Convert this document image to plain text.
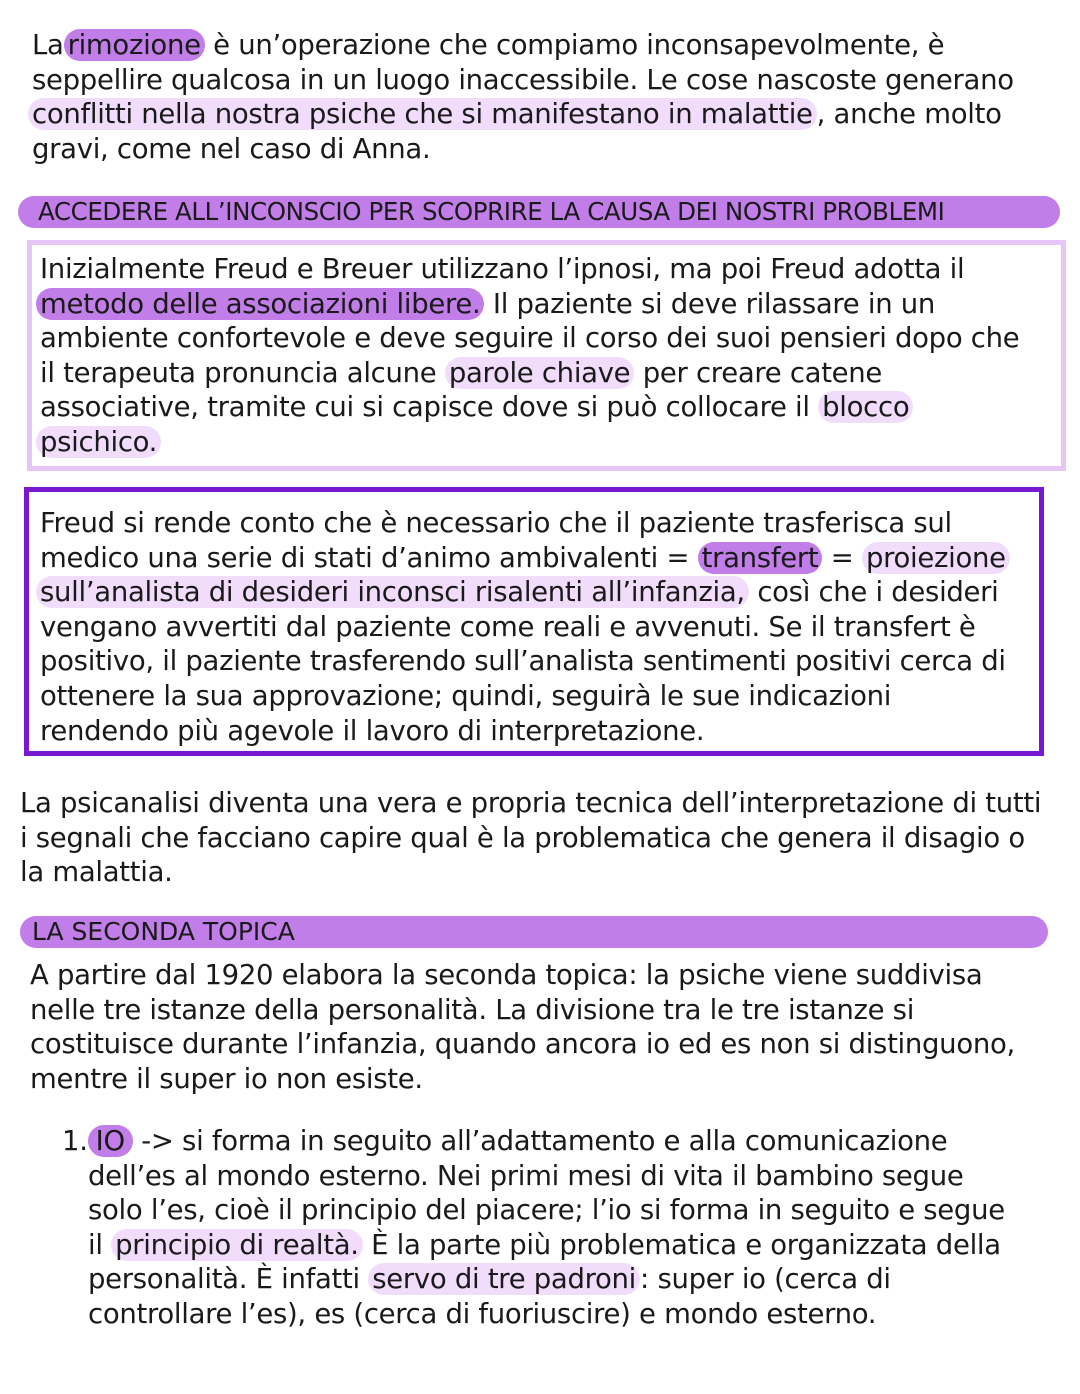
La rimozione è un’operazione che compiamo inconsapevolmente, è
seppellire qualcosa in un luogo inaccessibile. Le cose nascoste generano
conflitti nella nostra psiche che si manifestano in malattie , anche molto
gravi, come nel caso di Anna.

ACCEDERE ALL’INCONSCIO PER SCOPRIRE LA CAUSA DEI NOSTRI PROBLEMI

Inizialmente Freud e Breuer utilizzano l’ipnosi, ma poi Freud adotta il
metodo delle associazioni libere. Il paziente si deve rilassare in un
ambiente confortevole e deve seguire il corso dei suoi pensieri dopo che
il terapeuta pronuncia alcune parole chiave per creare catene
associative, tramite cui si capisce dove si può collocare il blocco
psichico.

Freud si rende conto che è necessario che il paziente trasferisca sul
medico una serie di stati d’animo ambivalenti = transfert = proiezione
sull’analista di desideri inconsci risalenti all’infanzia, così che i desideri
vengano avvertiti dal paziente come reali e avvenuti. Se il transfert è
positivo, il paziente trasferendo sull’analista sentimenti positivi cerca di
ottenere la sua approvazione; quindi, seguirà le sue indicazioni
rendendo più agevole il lavoro di interpretazione.

La psicanalisi diventa una vera e propria tecnica dell’interpretazione di tutti
i segnali che facciano capire qual è la problematica che genera il disagio o
la malattia.

LA SECONDA TOPICA

A partire dal 1920 elabora la seconda topica: la psiche viene suddivisa
nelle tre istanze della personalità. La divisione tra le tre istanze si
costituisce durante l’infanzia, quando ancora io ed es non si distinguono,
mentre il super io non esiste.

1. IO -> si forma in seguito all’adattamento e alla comunicazione
dell’es al mondo esterno. Nei primi mesi di vita il bambino segue
solo l’es, cioè il principio del piacere; l’io si forma in seguito e segue
il principio di realtà. È la parte più problematica e organizzata della
personalità. È infatti servo di tre padroni : super io (cerca di
controllare l’es), es (cerca di fuoriuscire) e mondo esterno.
